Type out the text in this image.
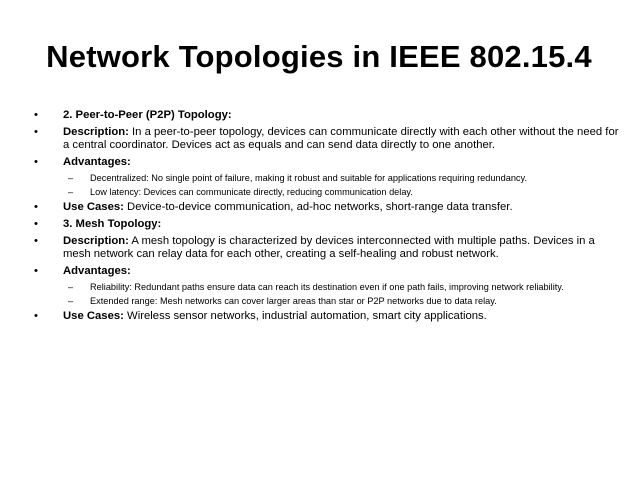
Network Topologies in IEEE 802.15.4
•	2. Peer-to-Peer (P2P) Topology:
•	Description: In a peer-to-peer topology, devices can communicate directly with each other without the need for a central coordinator. Devices act as equals and can send data directly to one another.
•	Advantages:
– Decentralized: No single point of failure, making it robust and suitable for applications requiring redundancy.
– Low latency: Devices can communicate directly, reducing communication delay.
•	Use Cases: Device-to-device communication, ad-hoc networks, short-range data transfer.
•	3. Mesh Topology:
•	Description: A mesh topology is characterized by devices interconnected with multiple paths. Devices in a mesh network can relay data for each other, creating a self-healing and robust network.
•	Advantages:
– Reliability: Redundant paths ensure data can reach its destination even if one path fails, improving network reliability.
– Extended range: Mesh networks can cover larger areas than star or P2P networks due to data relay.
•	Use Cases: Wireless sensor networks, industrial automation, smart city applications.
